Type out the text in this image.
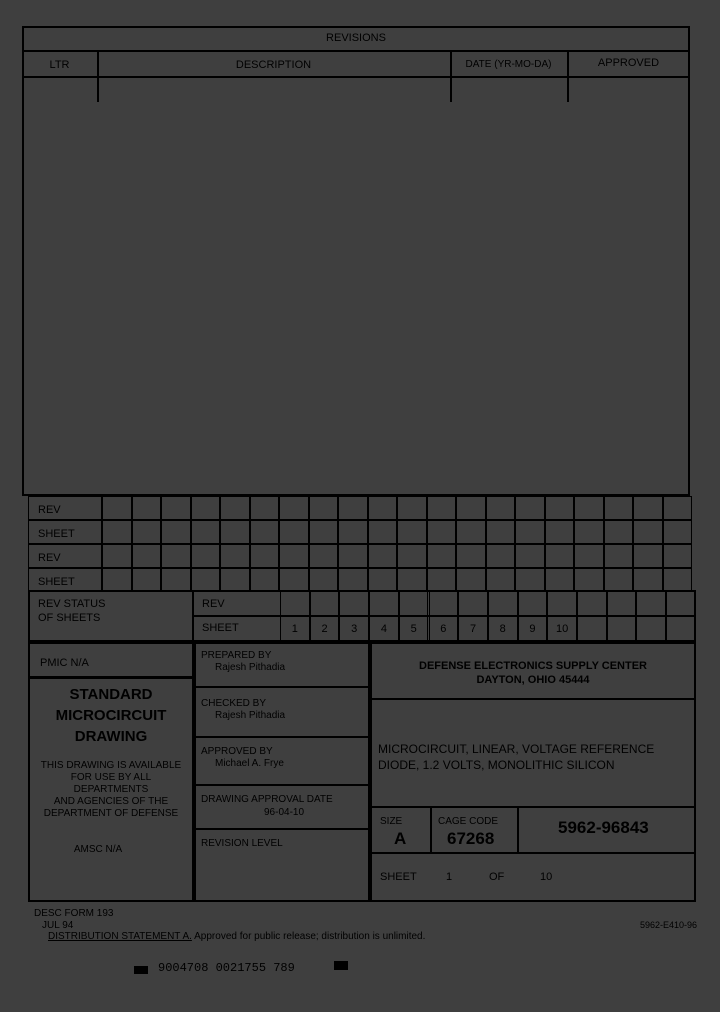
REVISIONS
LTR	DESCRIPTION	DATE (YR-MO-DA)	APPROVED
REV
SHEET
REV
SHEET
REV STATUS
OF SHEETS
REV
SHEET	1	2	3	4	5	6	7	8	9	10
PMIC N/A
STANDARD
MICROCIRCUIT
DRAWING
THIS DRAWING IS AVAILABLE
FOR USE BY ALL
DEPARTMENTS
AND AGENCIES OF THE
DEPARTMENT OF DEFENSE
AMSC N/A
PREPARED BY
Rajesh Pithadia
CHECKED BY
Rajesh Pithadia
APPROVED BY
Michael A. Frye
DRAWING APPROVAL DATE
96-04-10
REVISION LEVEL
DEFENSE ELECTRONICS SUPPLY CENTER
DAYTON, OHIO 45444
MICROCIRCUIT, LINEAR, VOLTAGE REFERENCE
DIODE, 1.2 VOLTS, MONOLITHIC SILICON
SIZE
A
CAGE CODE
67268
5962-96843
SHEET	1	OF	10
DESC FORM 193
JUL 94
DISTRIBUTION STATEMENT A. Approved for public release; distribution is unlimited.
5962-E410-96
9004708 0021755 789
